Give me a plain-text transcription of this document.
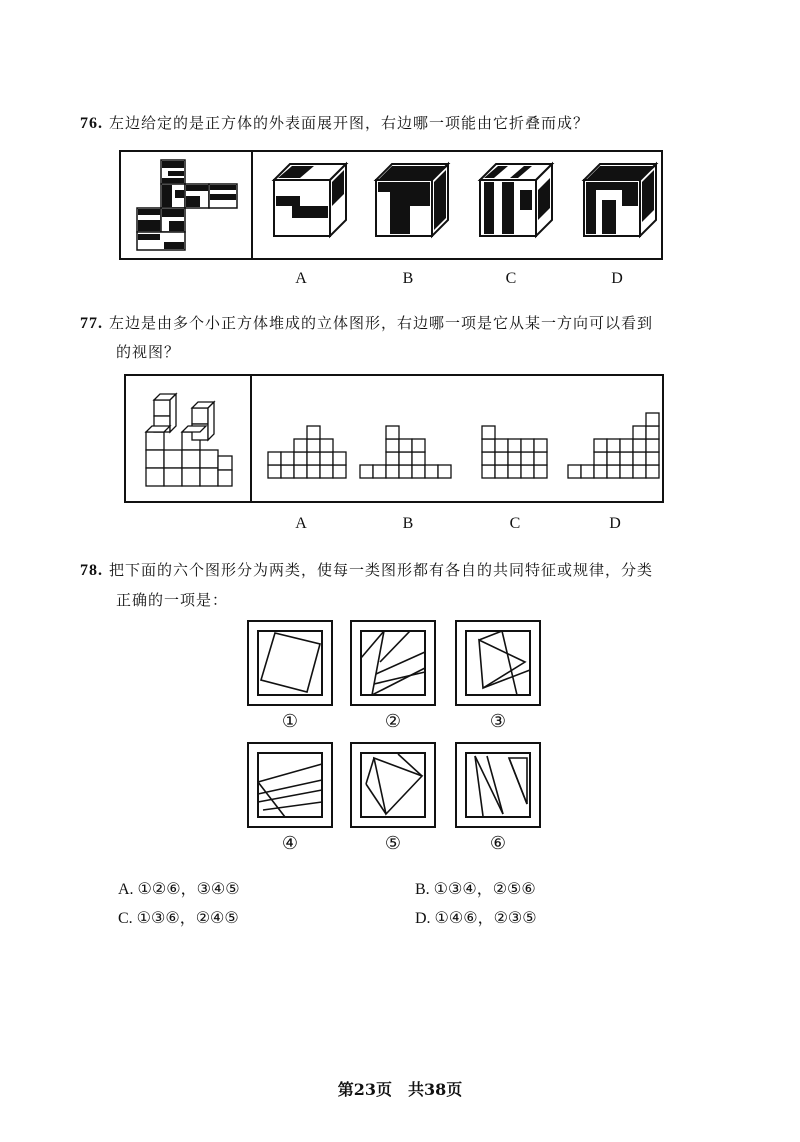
76. 左边给定的是正方体的外表面展开图，右边哪一项能由它折叠而成？
A	B	C	D
77. 左边是由多个小正方体堆成的立体图形，右边哪一项是它从某一方向可以看到
的视图？
A	B	C	D
78. 把下面的六个图形分为两类，使每一类图形都有各自的共同特征或规律，分类
正确的一项是：
①	②	③
④	⑤	⑥
A. ①②⑥，③④⑤	B. ①③④，②⑤⑥
C. ①③⑥，②④⑤	D. ①④⑥，②③⑤
第23页　共38页
